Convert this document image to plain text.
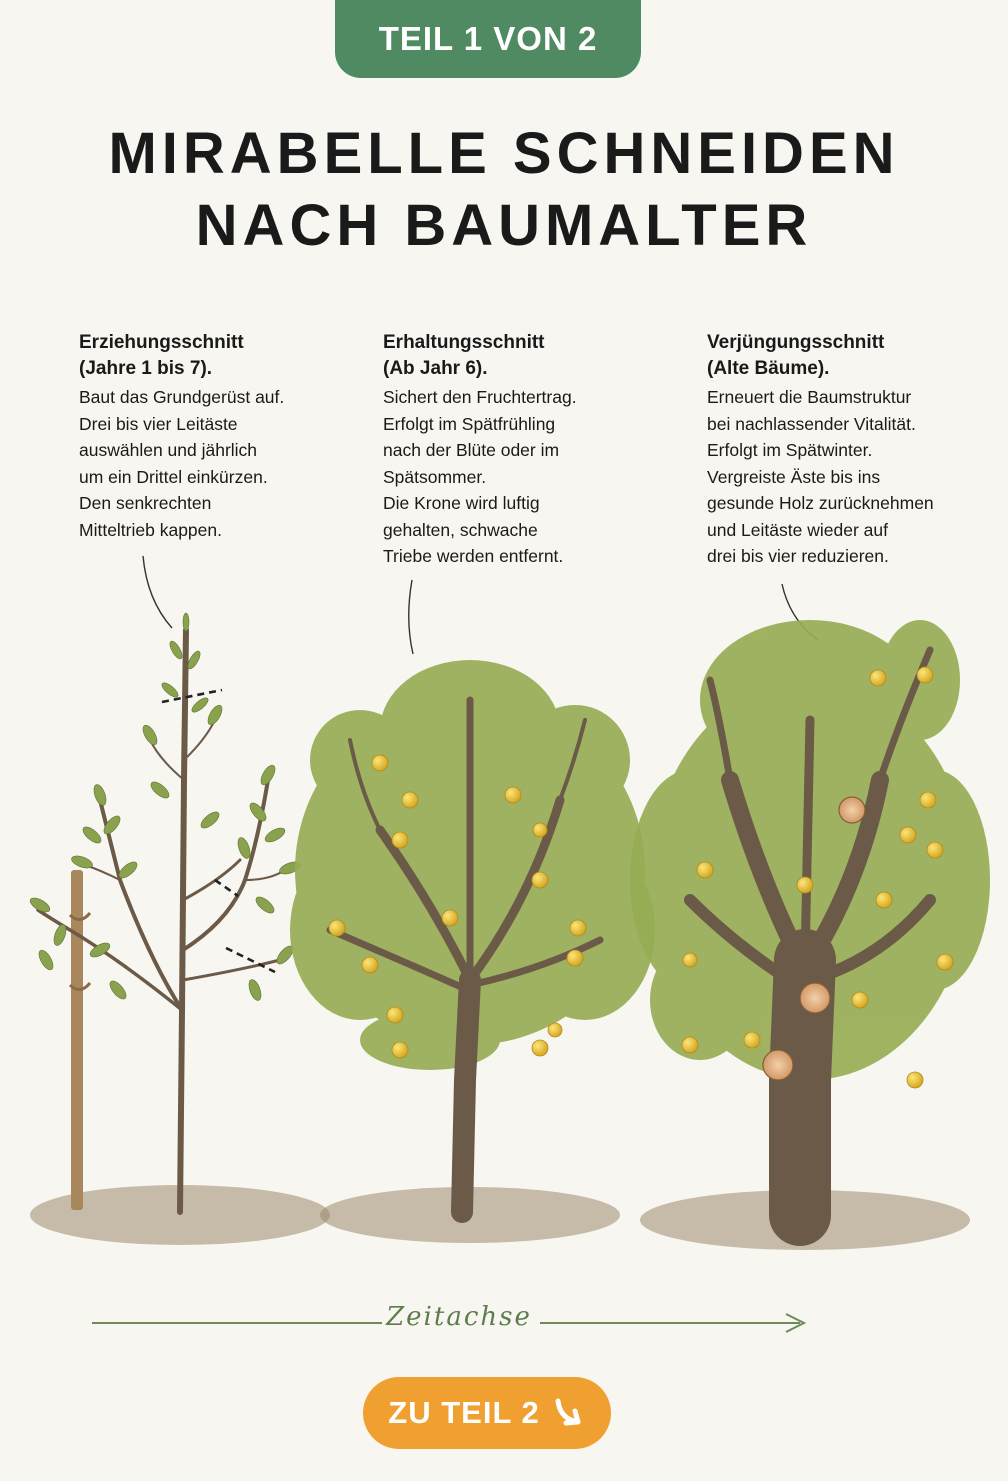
TEIL 1 VON 2
MIRABELLE SCHNEIDEN
NACH BAUMALTER
Erziehungsschnitt
(Jahre 1 bis 7).

Baut das Grundgerüst auf.
Drei bis vier Leitäste
auswählen und jährlich
um ein Drittel einkürzen.
Den senkrechten
Mitteltrieb kappen.

Erhaltungsschnitt
(Ab Jahr 6).

Sichert den Fruchtertrag.
Erfolgt im Spätfrühling
nach der Blüte oder im
Spätsommer.
Die Krone wird luftig
gehalten, schwache
Triebe werden entfernt.

Verjüngungsschnitt
(Alte Bäume).

Erneuert die Baumstruktur
bei nachlassender Vitalität.
Erfolgt im Spätwinter.
Vergreiste Äste bis ins
gesunde Holz zurücknehmen
und Leitäste wieder auf
drei bis vier reduzieren.

Zeitachse
ZU TEIL 2
